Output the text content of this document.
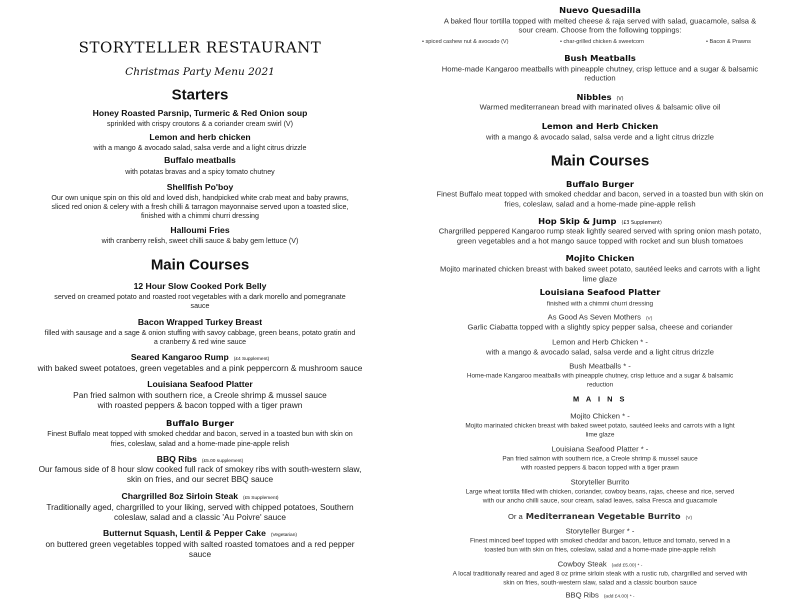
STORYTELLER RESTAURANT
Christmas Party Menu 2021
Starters
Honey Roasted Parsnip, Turmeric & Red Onion soup
sprinkled with crispy croutons & a coriander cream swirl (V)
Lemon and herb chicken
with a mango & avocado salad, salsa verde and a light citrus drizzle
Buffalo meatballs
with potatas bravas and a spicy tomato chutney
Shellfish Po'boy
Our own unique spin on this old and loved dish, handpicked white crab meat and baby prawns,
sliced red onion & celery with a fresh chilli & tarragon mayonnaise served upon a toasted slice,
finished with a chimmi churri dressing
Halloumi Fries
with cranberry relish, sweet chilli sauce & baby gem lettuce (V)
Main Courses
12 Hour Slow Cooked Pork Belly
served on creamed potato and roasted root vegetables with a dark morello and pomegranate
sauce
Bacon Wrapped Turkey Breast
filled with sausage and a sage & onion stuffing with savoy cabbage, green beans, potato gratin and
a cranberry & red wine sauce
Seared Kangaroo Rump (£4 Supplement)
with baked sweet potatoes, green vegetables and a pink peppercorn & mushroom sauce
Louisiana Seafood Platter
Pan fried salmon with southern rice, a Creole shrimp & mussel sauce
with roasted peppers & bacon topped with a tiger prawn
Buffalo Burger
Finest Buffalo meat topped with smoked cheddar and bacon, served in a toasted bun with skin on
fries, coleslaw, salad and a home-made pine-apple relish
BBQ Ribs (£5.00 supplement)
Our famous side of 8 hour slow cooked full rack of smokey ribs with south-western slaw,
skin on fries, and our secret BBQ sauce
Chargrilled 8oz Sirloin Steak (£5 Supplement)
Traditionally aged, chargrilled to your liking, served with chipped potatoes, Southern
coleslaw, salad and a classic 'Au Poivre' sauce
Butternut Squash, Lentil & Pepper Cake (Vegetarian)
on buttered green vegetables topped with salted roasted tomatoes and a red pepper
sauce
• spiced cashew nut & avocado (V)	• char-grilled chicken & sweetcorn	• Bacon & Prawns
Nuevo Quesadilla
A baked flour tortilla topped with melted cheese & raja served with salad, guacamole, salsa &
sour cream. Choose from the following toppings:
Bush Meatballs
Home-made Kangaroo meatballs with pineapple chutney, crisp lettuce and a sugar & balsamic
reduction
Nibbles (V)
Warmed mediterranean bread with marinated olives & balsamic olive oil
Lemon and Herb Chicken
with a mango & avocado salad, salsa verde and a light citrus drizzle
Main Courses
Buffalo Burger
Finest Buffalo meat topped with smoked cheddar and bacon, served in a toasted bun with skin on
fries, coleslaw, salad and a home-made pine-apple relish
Hop Skip & Jump (£3 Supplement)
Chargrilled peppered Kangaroo rump steak lightly seared served with spring onion mash potato,
green vegetables and a hot mango sauce topped with rocket and sun blush tomatoes
Mojito Chicken
Mojito marinated chicken breast with baked sweet potato, sautéed leeks and carrots with a light
lime glaze
Louisiana Seafood Platter
finished with a chimmi churri dressing
As Good As Seven Mothers (V)
Garlic Ciabatta topped with a slightly spicy pepper salsa, cheese and coriander
Lemon and Herb Chicken * -
with a mango & avocado salad, salsa verde and a light citrus drizzle
Bush Meatballs * -
Home-made Kangaroo meatballs with pineapple chutney, crisp lettuce and a sugar & balsamic
reduction
M A I N S
Mojito Chicken * -
Mojito marinated chicken breast with baked sweet potato, sautéed leeks and carrots with a light
lime glaze
Louisiana Seafood Platter * -
Pan fried salmon with southern rice, a Creole shrimp & mussel sauce
with roasted peppers & bacon topped with a tiger prawn
Storyteller Burrito
Large wheat tortilla filled with chicken, coriander, cowboy beans, rajas, cheese and rice, served
with our ancho chilli sauce, sour cream, salad leaves, salsa Fresca and guacamole
Or a Mediterranean Vegetable Burrito (V)
Storyteller Burger * -
Finest minced beef topped with smoked cheddar and bacon, lettuce and tomato, served in a
toasted bun with skin on fries, coleslaw, salad and a home-made pine-apple relish
Cowboy Steak (add £5.00) * -
A local traditionally reared and aged 8 oz prime sirloin steak with a rustic rub, chargrilled and served with
skin on fries, south-western slaw, salad and a classic bourbon sauce
BBQ Ribs (add £4.00) * -
